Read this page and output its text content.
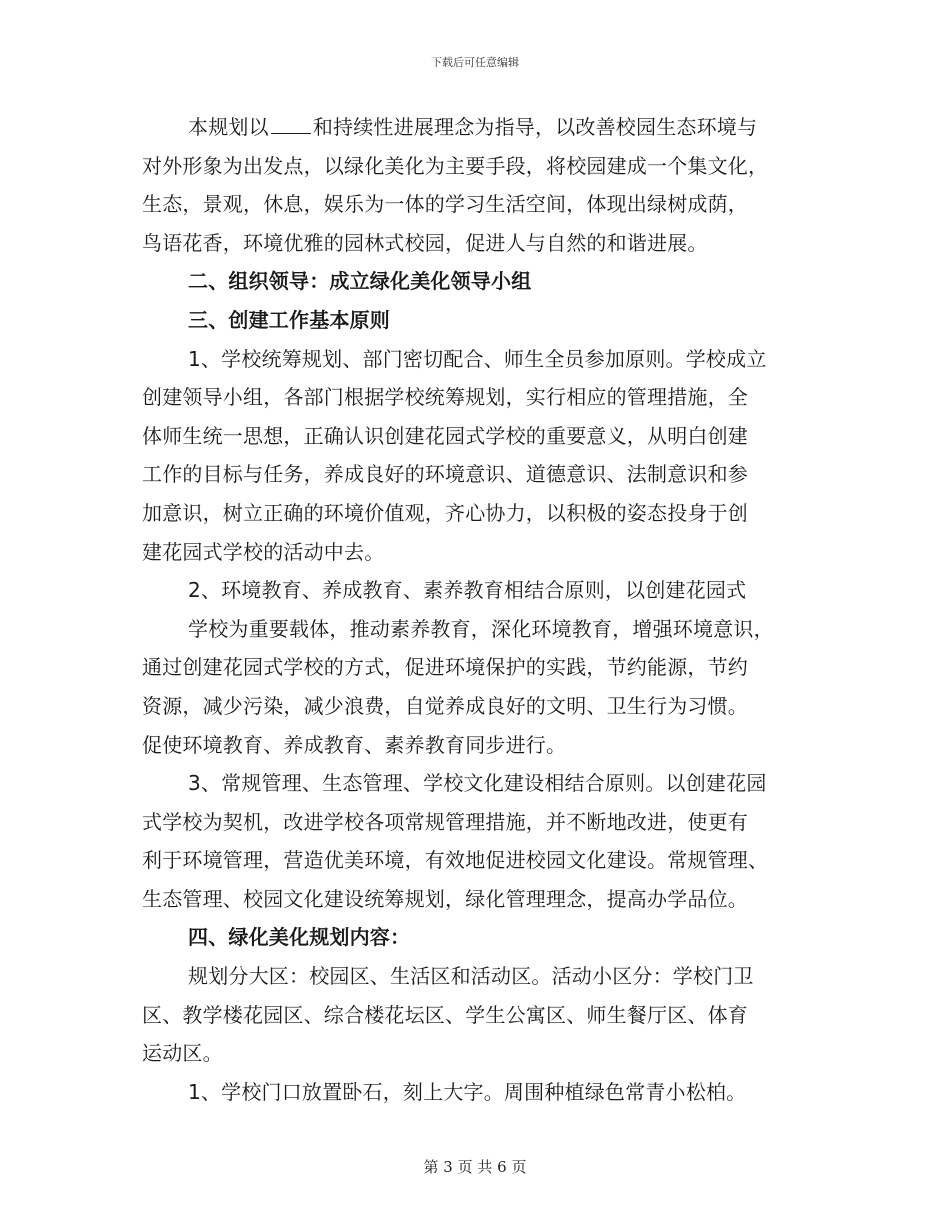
下载后可任意编辑

本规划以 和持续性进展理念为指导，以改善校园生态环境与

对外形象为出发点，以绿化美化为主要手段，将校园建成一个集文化，

生态，景观，休息，娱乐为一体的学习生活空间，体现出绿树成荫，

鸟语花香，环境优雅的园林式校园，促进人与自然的和谐进展。

二、组织领导：成立绿化美化领导小组

三、创建工作基本原则

1、学校统筹规划、部门密切配合、师生全员参加原则。学校成立

创建领导小组，各部门根据学校统筹规划，实行相应的管理措施，全

体师生统一思想，正确认识创建花园式学校的重要意义，从明白创建

工作的目标与任务，养成良好的环境意识、道德意识、法制意识和参

加意识，树立正确的环境价值观，齐心协力，以积极的姿态投身于创

建花园式学校的活动中去。

2、环境教育、养成教育、素养教育相结合原则，以创建花园式

学校为重要载体，推动素养教育，深化环境教育，增强环境意识，

通过创建花园式学校的方式，促进环境保护的实践，节约能源，节约

资源，减少污染，减少浪费，自觉养成良好的文明、卫生行为习惯。

促使环境教育、养成教育、素养教育同步进行。

3、常规管理、生态管理、学校文化建设相结合原则。以创建花园

式学校为契机，改进学校各项常规管理措施，并不断地改进，使更有

利于环境管理，营造优美环境，有效地促进校园文化建设。常规管理、

生态管理、校园文化建设统筹规划，绿化管理理念，提高办学品位。

四、绿化美化规划内容：

规划分大区：校园区、生活区和活动区。活动小区分：学校门卫

区、教学楼花园区、综合楼花坛区、学生公寓区、师生餐厅区、体育

运动区。

1、学校门口放置卧石，刻上大字。周围种植绿色常青小松柏。

第 3 页 共 6 页
